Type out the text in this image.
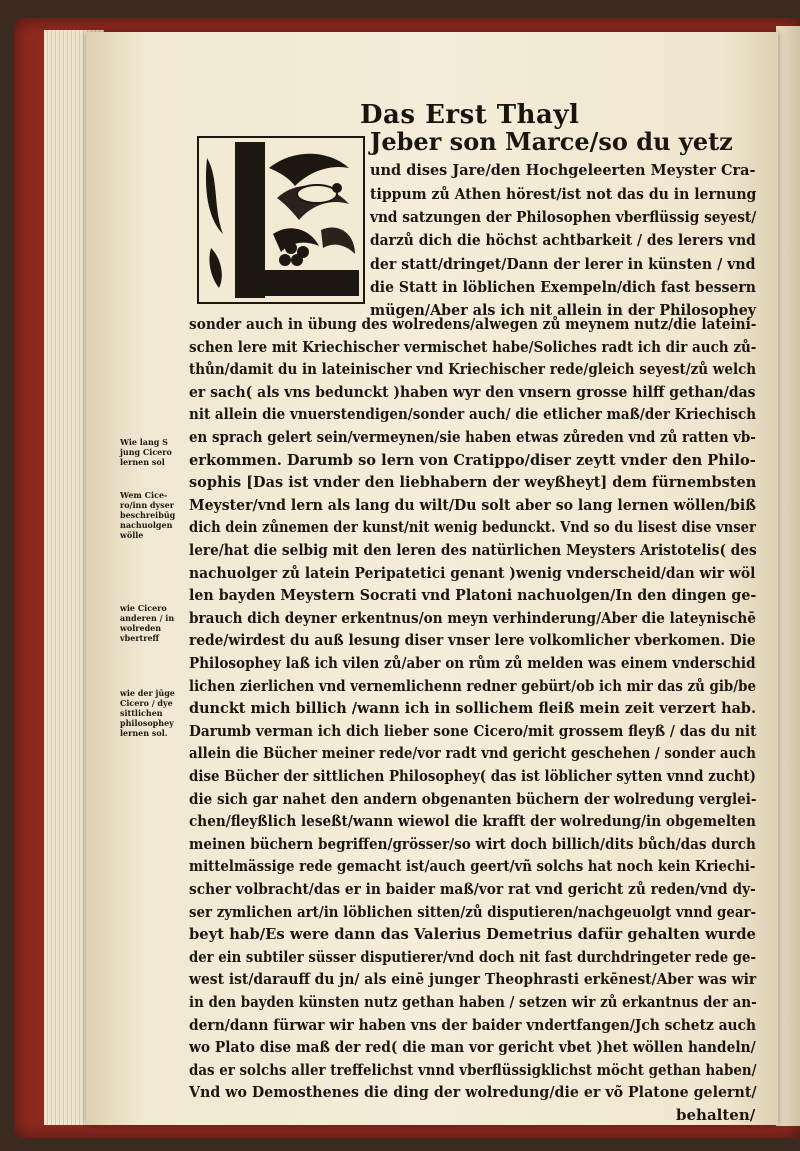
Das Erst Thayl
Jeber son Marce/so du yetz
und dises Jare/den Hochgeleerten Meyster Cra-
tippum zů Athen hörest/ist not das du in lernung
vnd satzungen der Philosophen vberflüssig seyest/
darzů dich die höchst achtbarkeit / des lerers vnd
der statt/dringet/Dann der lerer in künsten / vnd
die Statt in löblichen Exempeln/dich fast bessern
mügen/Aber als ich nit allein in der Philosophey
sonder auch in übung des wolredens/alwegen zů meynem nutz/die lateini-
schen lere mit Kriechischer vermischet habe/Soliches radt ich dir auch zů-
thůn/damit du in lateinischer vnd Kriechischer rede/gleich seyest/zů welch
er sach( als vns bedunckt )haben wyr den vnsern grosse hilff gethan/das
nit allein die vnuerstendigen/sonder auch/ die etlicher maß/der Kriechisch
en sprach gelert sein/vermeynen/sie haben etwas zůreden vnd zů ratten vb-
erkommen. Darumb so lern von Cratippo/diser zeytt vnder den Philo-
sophis [Das ist vnder den liebhabern der weyßheyt] dem fürnembsten
Meyster/vnd lern als lang du wilt/Du solt aber so lang lernen wöllen/biß
dich dein zůnemen der kunst/nit wenig bedunckt. Vnd so du lisest dise vnser
lere/hat die selbig mit den leren des natürlichen Meysters Aristotelis( des
nachuolger zů latein Peripatetici genant )wenig vnderscheid/dan wir wöl
len bayden Meystern Socrati vnd Platoni nachuolgen/In den dingen ge-
brauch dich deyner erkentnus/on meyn verhinderung/Aber die lateynischē
rede/wirdest du auß lesung diser vnser lere volkomlicher vberkomen. Die
Philosophey laß ich vilen zů/aber on rům zů melden was einem vnderschid
lichen zierlichen vnd vernemlichenn redner gebürt/ob ich mir das zů gib/be
dunckt mich billich /wann ich in sollichem fleiß mein zeit verzert hab.
Darumb verman ich dich lieber sone Cicero/mit grossem fleyß / das du nit
allein die Bücher meiner rede/vor radt vnd gericht geschehen / sonder auch
dise Bücher der sittlichen Philosophey( das ist löblicher sytten vnnd zucht)
die sich gar nahet den andern obgenanten büchern der wolredung verglei-
chen/fleyßlich leseßt/wann wiewol die krafft der wolredung/in obgemelten
meinen büchern begriffen/grösser/so wirt doch billich/dits bůch/das durch
mittelmässige rede gemacht ist/auch geert/vñ solchs hat noch kein Kriechi-
scher volbracht/das er in baider maß/vor rat vnd gericht zů reden/vnd dy-
ser zymlichen art/in löblichen sitten/zů disputieren/nachgeuolgt vnnd gear-
beyt hab/Es were dann das Valerius Demetrius dafür gehalten wurde
der ein subtiler süsser disputierer/vnd doch nit fast durchdringeter rede ge-
west ist/darauff du jn/ als einē junger Theophrasti erkēnest/Aber was wir
in den bayden künsten nutz gethan haben / setzen wir zů erkantnus der an-
dern/dann fürwar wir haben vns der baider vndertfangen/Jch schetz auch
wo Plato dise maß der red( die man vor gericht vbet )het wöllen handeln/
das er solchs aller treffelichst vnnd vberflüssigklichst möcht gethan haben/
Vnd wo Demosthenes die ding der wolredung/die er võ Platone gelernt/
behalten/
Wie lang S
jung Cicero
lernen sol
Wem Cice-
ro/inn dyser
beschreibūg
nachuolgen
wölle
wie Cicero
anderen / in
wolreden
vbertreff
wie der jūge
Cicero / dye
sittlichen
philosophey
lernen sol.
